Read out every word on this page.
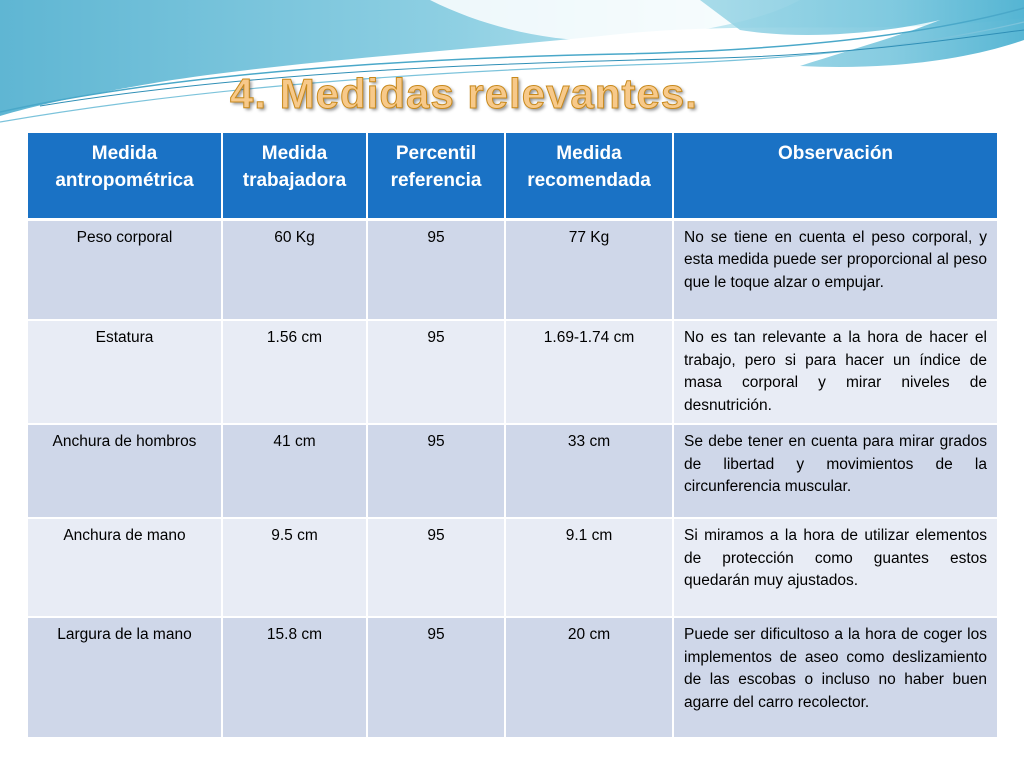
4. Medidas relevantes.
Medida antropométrica	Medida trabajadora	Percentil referencia	Medida recomendada	Observación
Peso corporal	60 Kg	95	77 Kg	No se tiene en cuenta el peso corporal, y esta medida puede ser proporcional al peso que le toque alzar o empujar.
Estatura	1.56 cm	95	1.69-1.74 cm	No es tan relevante a la hora de hacer el trabajo, pero si para hacer un índice de masa corporal y mirar niveles de desnutrición.
Anchura de hombros	41 cm	95	33 cm	Se debe tener en cuenta para mirar grados de libertad y movimientos de la circunferencia muscular.
Anchura de mano	9.5 cm	95	9.1 cm	Si miramos a la hora de utilizar elementos de protección como guantes estos quedarán muy ajustados.
Largura de la mano	15.8 cm	95	20 cm	Puede ser dificultoso a la hora de coger los implementos de aseo como deslizamiento de las escobas o incluso no haber buen agarre del carro recolector.
